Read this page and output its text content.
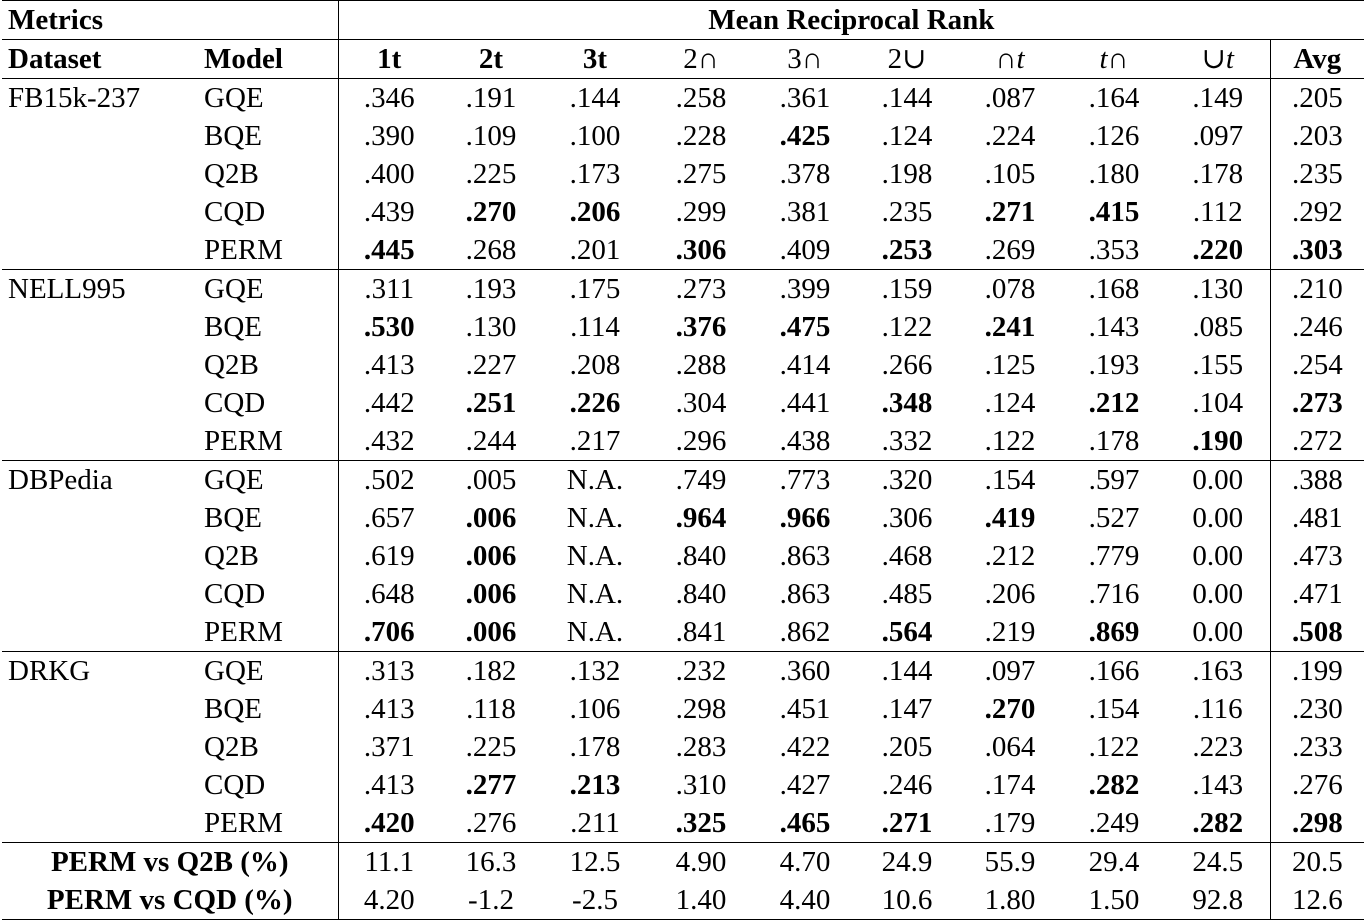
Metrics		Mean Reciprocal Rank									
Dataset	Model	1t	2t	3t	2∩	3∩	2∪	∩t	t∩	∪t	Avg
FB15k-237	GQE	.346	.191	.144	.258	.361	.144	.087	.164	.149	.205
	BQE	.390	.109	.100	.228	.425	.124	.224	.126	.097	.203
	Q2B	.400	.225	.173	.275	.378	.198	.105	.180	.178	.235
	CQD	.439	.270	.206	.299	.381	.235	.271	.415	.112	.292
	PERM	.445	.268	.201	.306	.409	.253	.269	.353	.220	.303
NELL995	GQE	.311	.193	.175	.273	.399	.159	.078	.168	.130	.210
	BQE	.530	.130	.114	.376	.475	.122	.241	.143	.085	.246
	Q2B	.413	.227	.208	.288	.414	.266	.125	.193	.155	.254
	CQD	.442	.251	.226	.304	.441	.348	.124	.212	.104	.273
	PERM	.432	.244	.217	.296	.438	.332	.122	.178	.190	.272
DBPedia	GQE	.502	.005	N.A.	.749	.773	.320	.154	.597	0.00	.388
	BQE	.657	.006	N.A.	.964	.966	.306	.419	.527	0.00	.481
	Q2B	.619	.006	N.A.	.840	.863	.468	.212	.779	0.00	.473
	CQD	.648	.006	N.A.	.840	.863	.485	.206	.716	0.00	.471
	PERM	.706	.006	N.A.	.841	.862	.564	.219	.869	0.00	.508
DRKG	GQE	.313	.182	.132	.232	.360	.144	.097	.166	.163	.199
	BQE	.413	.118	.106	.298	.451	.147	.270	.154	.116	.230
	Q2B	.371	.225	.178	.283	.422	.205	.064	.122	.223	.233
	CQD	.413	.277	.213	.310	.427	.246	.174	.282	.143	.276
	PERM	.420	.276	.211	.325	.465	.271	.179	.249	.282	.298
PERM vs Q2B (%)		11.1	16.3	12.5	4.90	4.70	24.9	55.9	29.4	24.5	20.5
PERM vs CQD (%)		4.20	-1.2	-2.5	1.40	4.40	10.6	1.80	1.50	92.8	12.6
